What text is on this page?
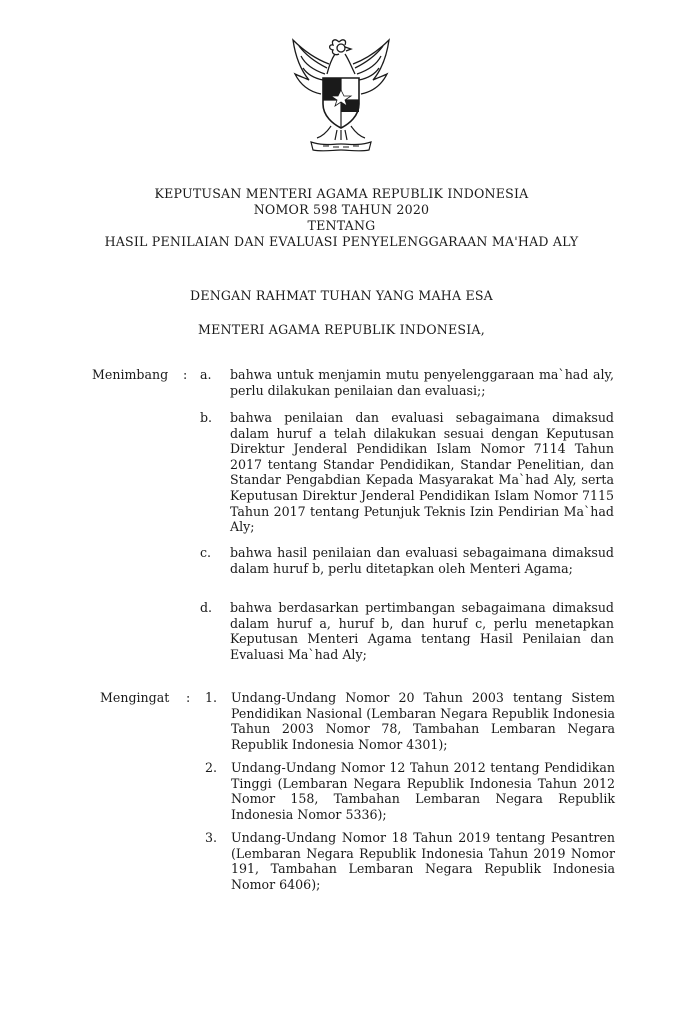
KEPUTUSAN MENTERI AGAMA REPUBLIK INDONESIA
NOMOR 598 TAHUN 2020
TENTANG
HASIL PENILAIAN DAN EVALUASI PENYELENGGARAAN MA'HAD ALY
DENGAN RAHMAT TUHAN YANG MAHA ESA
MENTERI AGAMA REPUBLIK INDONESIA,
Menimbang : a. bahwa untuk menjamin mutu penyelenggaraan ma`had aly, perlu dilakukan penilaian dan evaluasi;;
b. bahwa penilaian dan evaluasi sebagaimana dimaksud dalam huruf a telah dilakukan sesuai dengan Keputusan Direktur Jenderal Pendidikan Islam Nomor 7114 Tahun 2017 tentang Standar Pendidikan, Standar Penelitian, dan Standar Pengabdian Kepada Masyarakat Ma`had Aly, serta Keputusan Direktur Jenderal Pendidikan Islam Nomor 7115 Tahun 2017 tentang Petunjuk Teknis Izin Pendirian Ma`had Aly;
c. bahwa hasil penilaian dan evaluasi sebagaimana dimaksud dalam huruf b, perlu ditetapkan oleh Menteri Agama;
d. bahwa berdasarkan pertimbangan sebagaimana dimaksud dalam huruf a, huruf b, dan huruf c, perlu menetapkan Keputusan Menteri Agama tentang Hasil Penilaian dan Evaluasi Ma`had Aly;
Mengingat : 1. Undang-Undang Nomor 20 Tahun 2003 tentang Sistem Pendidikan Nasional (Lembaran Negara Republik Indonesia Tahun 2003 Nomor 78, Tambahan Lembaran Negara Republik Indonesia Nomor 4301);
2. Undang-Undang Nomor 12 Tahun 2012 tentang Pendidikan Tinggi (Lembaran Negara Republik Indonesia Tahun 2012 Nomor 158, Tambahan Lembaran Negara Republik Indonesia Nomor 5336);
3. Undang-Undang Nomor 18 Tahun 2019 tentang Pesantren (Lembaran Negara Republik Indonesia Tahun 2019 Nomor 191, Tambahan Lembaran Negara Republik Indonesia Nomor 6406);
